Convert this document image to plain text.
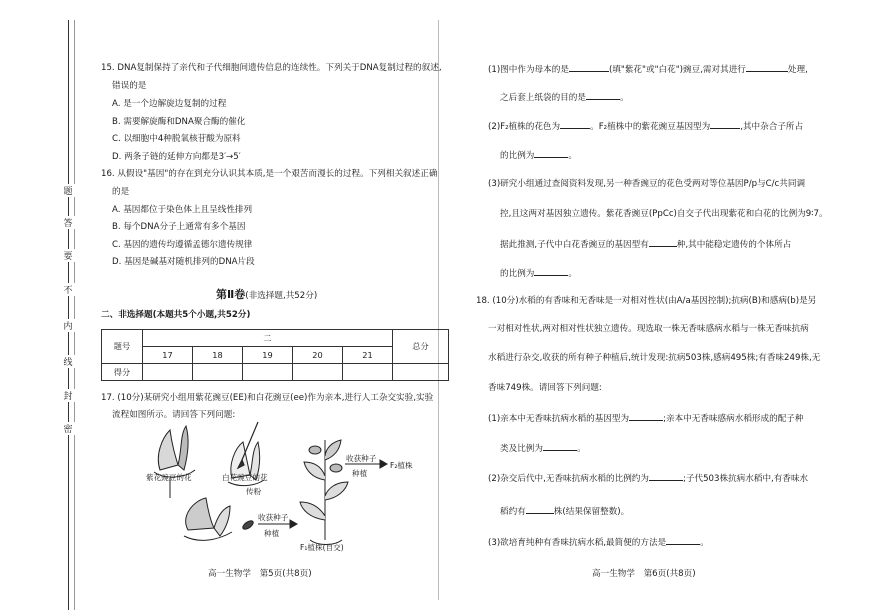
题
答
要
不
内
线
封
密
15. DNA复制保持了亲代和子代细胞间遗传信息的连续性。下列关于DNA复制过程的叙述,
错误的是
A. 是一个边解旋边复制的过程
B. 需要解旋酶和DNA聚合酶的催化
C. 以细胞中4种脱氧核苷酸为原料
D. 两条子链的延伸方向都是3′→5′
16. 从假设"基因"的存在到充分认识其本质,是一个艰苦而漫长的过程。下列相关叙述正确
的是
A. 基因都位于染色体上且呈线性排列
B. 每个DNA分子上通常有多个基因
C. 基因的遗传均遵循孟德尔遗传规律
D. 基因是碱基对随机排列的DNA片段
第Ⅱ卷(非选择题,共52分)
二、非选择题(本题共5个小题,共52分)
题号	二					总分
	17	18	19	20	21	
得分						
17. (10分)某研究小组用紫花豌豆(EE)和白花豌豆(ee)作为亲本,进行人工杂交实验,实验
流程如图所示。请回答下列问题:
紫花豌豆的花	白花豌豆的花
传粉
收获种子
种植
F₁植株(自交)
收获种子
种植
F₂植株
高一生物学　第5页(共8页)
(1)图中作为母本的是	(填"紫花"或"白花")豌豆,需对其进行	处理,
之后套上纸袋的目的是	。
(2)F₂植株的花色为	。F₂植株中的紫花豌豆基因型为	,其中杂合子所占
的比例为	。
(3)研究小组通过查阅资料发现,另一种香豌豆的花色受两对等位基因P/p与C/c共同调
控,且这两对基因独立遗传。紫花香豌豆(PpCc)自交子代出现紫花和白花的比例为9∶7。
据此推测,子代中白花香豌豆的基因型有	种,其中能稳定遗传的个体所占
的比例为	。
18. (10分)水稻的有香味和无香味是一对相对性状(由A/a基因控制);抗病(B)和感病(b)是另
一对相对性状,两对相对性状独立遗传。现选取一株无香味感病水稻与一株无香味抗病
水稻进行杂交,收获的所有种子种植后,统计发现:抗病503株,感病495株;有香味249株,无
香味749株。请回答下列问题:
(1)亲本中无香味抗病水稻的基因型为	;亲本中无香味感病水稻形成的配子种
类及比例为	。
(2)杂交后代中,无香味抗病水稻的比例约为	;子代503株抗病水稻中,有香味水
稻约有	株(结果保留整数)。
(3)欲培育纯种有香味抗病水稻,最简便的方法是	。
高一生物学　第6页(共8页)
